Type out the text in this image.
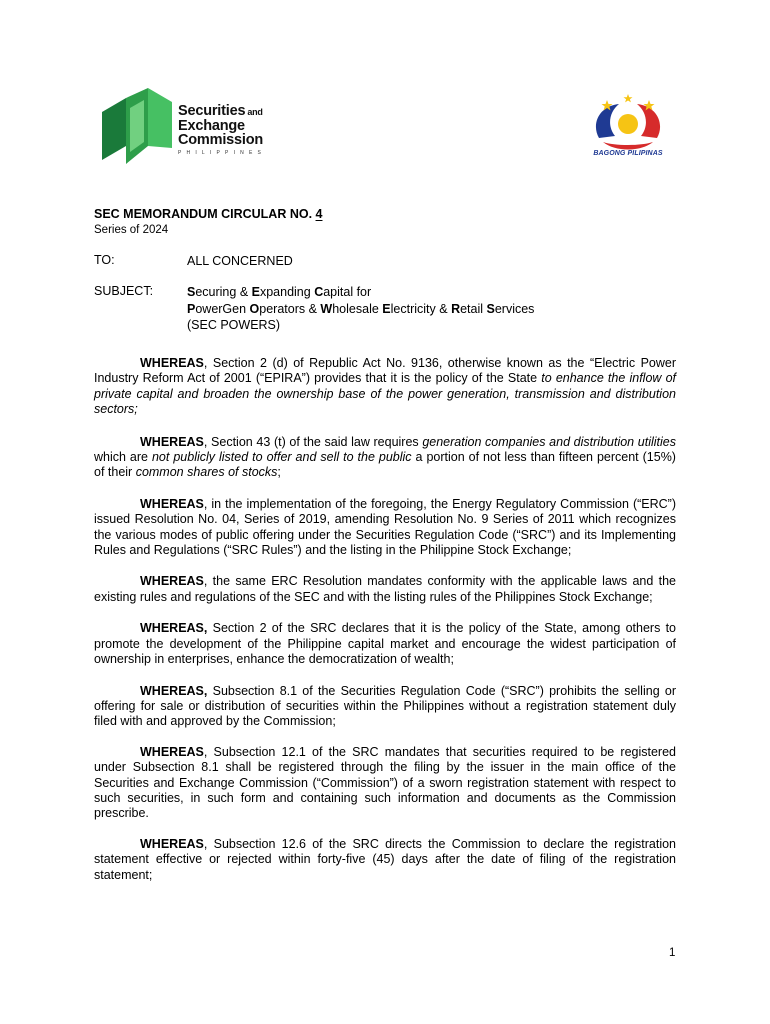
Securities and
Exchange
Commission
PHILIPPINES	BAGONG PILIPINAS
SEC MEMORANDUM CIRCULAR NO. 4
Series of 2024
TO:	ALL CONCERNED
SUBJECT:	Securing & Expanding Capital for
PowerGen Operators & Wholesale Electricity & Retail Services
(SEC POWERS)

WHEREAS, Section 2 (d) of Republic Act No. 9136, otherwise known as the “Electric Power Industry Reform Act of 2001 (“EPIRA”) provides that it is the policy of the State to enhance the inflow of private capital and broaden the ownership base of the power generation, transmission and distribution sectors;

WHEREAS, Section 43 (t) of the said law requires generation companies and distribution utilities which are not publicly listed to offer and sell to the public a portion of not less than fifteen percent (15%) of their common shares of stocks;

WHEREAS, in the implementation of the foregoing, the Energy Regulatory Commission (“ERC”) issued Resolution No. 04, Series of 2019, amending Resolution No. 9 Series of 2011 which recognizes the various modes of public offering under the Securities Regulation Code (“SRC”) and its Implementing Rules and Regulations (“SRC Rules”) and the listing in the Philippine Stock Exchange;

WHEREAS, the same ERC Resolution mandates conformity with the applicable laws and the existing rules and regulations of the SEC and with the listing rules of the Philippines Stock Exchange;

WHEREAS, Section 2 of the SRC declares that it is the policy of the State, among others to promote the development of the Philippine capital market and encourage the widest participation of ownership in enterprises, enhance the democratization of wealth;

WHEREAS, Subsection 8.1 of the Securities Regulation Code (“SRC”) prohibits the selling or offering for sale or distribution of securities within the Philippines without a registration statement duly filed with and approved by the Commission;

WHEREAS, Subsection 12.1 of the SRC mandates that securities required to be registered under Subsection 8.1 shall be registered through the filing by the issuer in the main office of the Securities and Exchange Commission (“Commission”) of a sworn registration statement with respect to such securities, in such form and containing such information and documents as the Commission prescribe.

WHEREAS, Subsection 12.6 of the SRC directs the Commission to declare the registration statement effective or rejected within forty-five (45) days after the date of filing of the registration statement;

1
